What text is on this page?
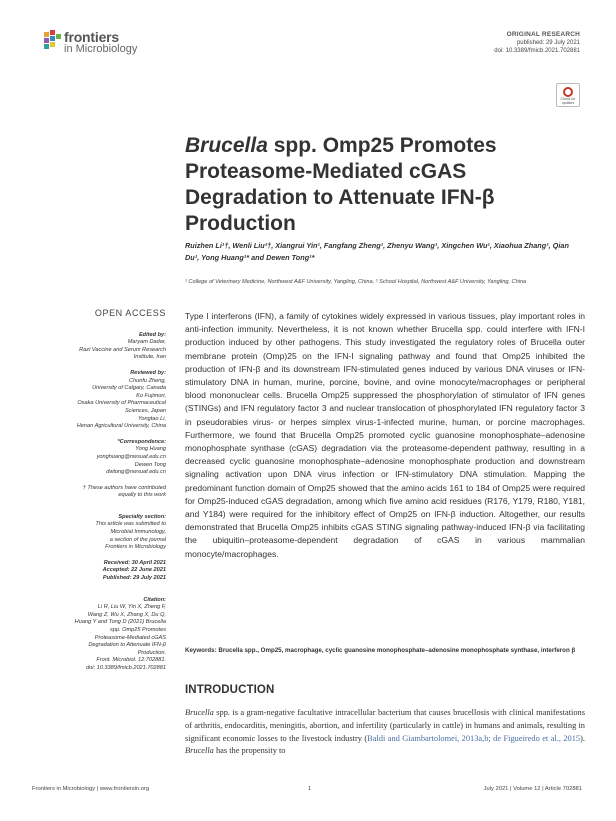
frontiers
in Microbiology
ORIGINAL RESEARCH
published: 29 July 2021
doi: 10.3389/fmicb.2021.702881
Check for updates
Brucella spp. Omp25 Promotes Proteasome-Mediated cGAS Degradation to Attenuate IFN-β Production
Ruizhen Li¹†, Wenli Liu²†, Xiangrui Yin¹, Fangfang Zheng¹, Zhenyu Wang¹, Xingchen Wu¹, Xiaohua Zhang¹, Qian Du¹, Yong Huang¹* and Dewen Tong¹*
¹ College of Veterinary Medicine, Northwest A&F University, Yangling, China, ² School Hospital, Northwest A&F University, Yangling, China
OPEN ACCESS
Edited by:
Maryam Dadar,
Razi Vaccine and Serum Research
Institute, Iran
Reviewed by:
Chunfu Zheng,
University of Calgary, Canada
Ko Fujimori,
Osaka University of Pharmaceutical
Sciences, Japan
Yongtao Li,
Henan Agricultural University, China
*Correspondence:
Yong Huang
yonghuang@nwsuaf.edu.cn
Dewen Tong
dwtong@nwsuaf.edu.cn
† These authors have contributed
equally to this work
Specialty section:
This article was submitted to
Microbial Immunology,
a section of the journal
Frontiers in Microbiology
Received: 30 April 2021
Accepted: 22 June 2021
Published: 29 July 2021
Citation:
Li R, Liu W, Yin X, Zheng F,
Wang Z, Wu X, Zhang X, Du Q,
Huang Y and Tong D (2021) Brucella
spp. Omp25 Promotes
Proteasome-Mediated cGAS
Degradation to Attenuate IFN-β
Production.
Front. Microbiol. 12:702881.
doi: 10.3389/fmicb.2021.702881

Type I interferons (IFN), a family of cytokines widely expressed in various tissues, play important roles in anti-infection immunity. Nevertheless, it is not known whether Brucella spp. could interfere with IFN-I production induced by other pathogens. This study investigated the regulatory roles of Brucella outer membrane protein (Omp)25 on the IFN-I signaling pathway and found that Omp25 inhibited the production of IFN-β and its downstream IFN-stimulated genes induced by various DNA viruses or IFN-stimulatory DNA in human, murine, porcine, bovine, and ovine monocyte/macrophages or peripheral blood mononuclear cells. Brucella Omp25 suppressed the phosphorylation of stimulator of IFN genes (STINGs) and IFN regulatory factor 3 and nuclear translocation of phosphorylated IFN regulatory factor 3 in pseudorabies virus- or herpes simplex virus-1-infected murine, human, or porcine macrophages. Furthermore, we found that Brucella Omp25 promoted cyclic guanosine monophosphate–adenosine monophosphate synthase (cGAS) degradation via the proteasome-dependent pathway, resulting in a decreased cyclic guanosine monophosphate–adenosine monophosphate production and downstream signaling activation upon DNA virus infection or IFN-stimulatory DNA stimulation. Mapping the predominant function domain of Omp25 showed that the amino acids 161 to 184 of Omp25 were required for Omp25-induced cGAS degradation, among which five amino acid residues (R176, Y179, R180, Y181, and Y184) were required for the inhibitory effect of Omp25 on IFN-β induction. Altogether, our results demonstrated that Brucella Omp25 inhibits cGAS STING signaling pathway-induced IFN-β via facilitating the ubiquitin–proteasome-dependent degradation of cGAS in various mammalian monocyte/macrophages.

Keywords: Brucella spp., Omp25, macrophage, cyclic guanosine monophosphate–adenosine monophosphate synthase, interferon β

INTRODUCTION

Brucella spp. is a gram-negative facultative intracellular bacterium that causes brucellosis with clinical manifestations of arthritis, endocarditis, meningitis, abortion, and infertility (particularly in cattle) in humans and animals, resulting in significant economic losses to the livestock industry (Baldi and Giambartolomei, 2013a,b; de Figueiredo et al., 2015). Brucella has the propensity to

Frontiers in Microbiology | www.frontiersin.org	1	July 2021 | Volume 12 | Article 702881
